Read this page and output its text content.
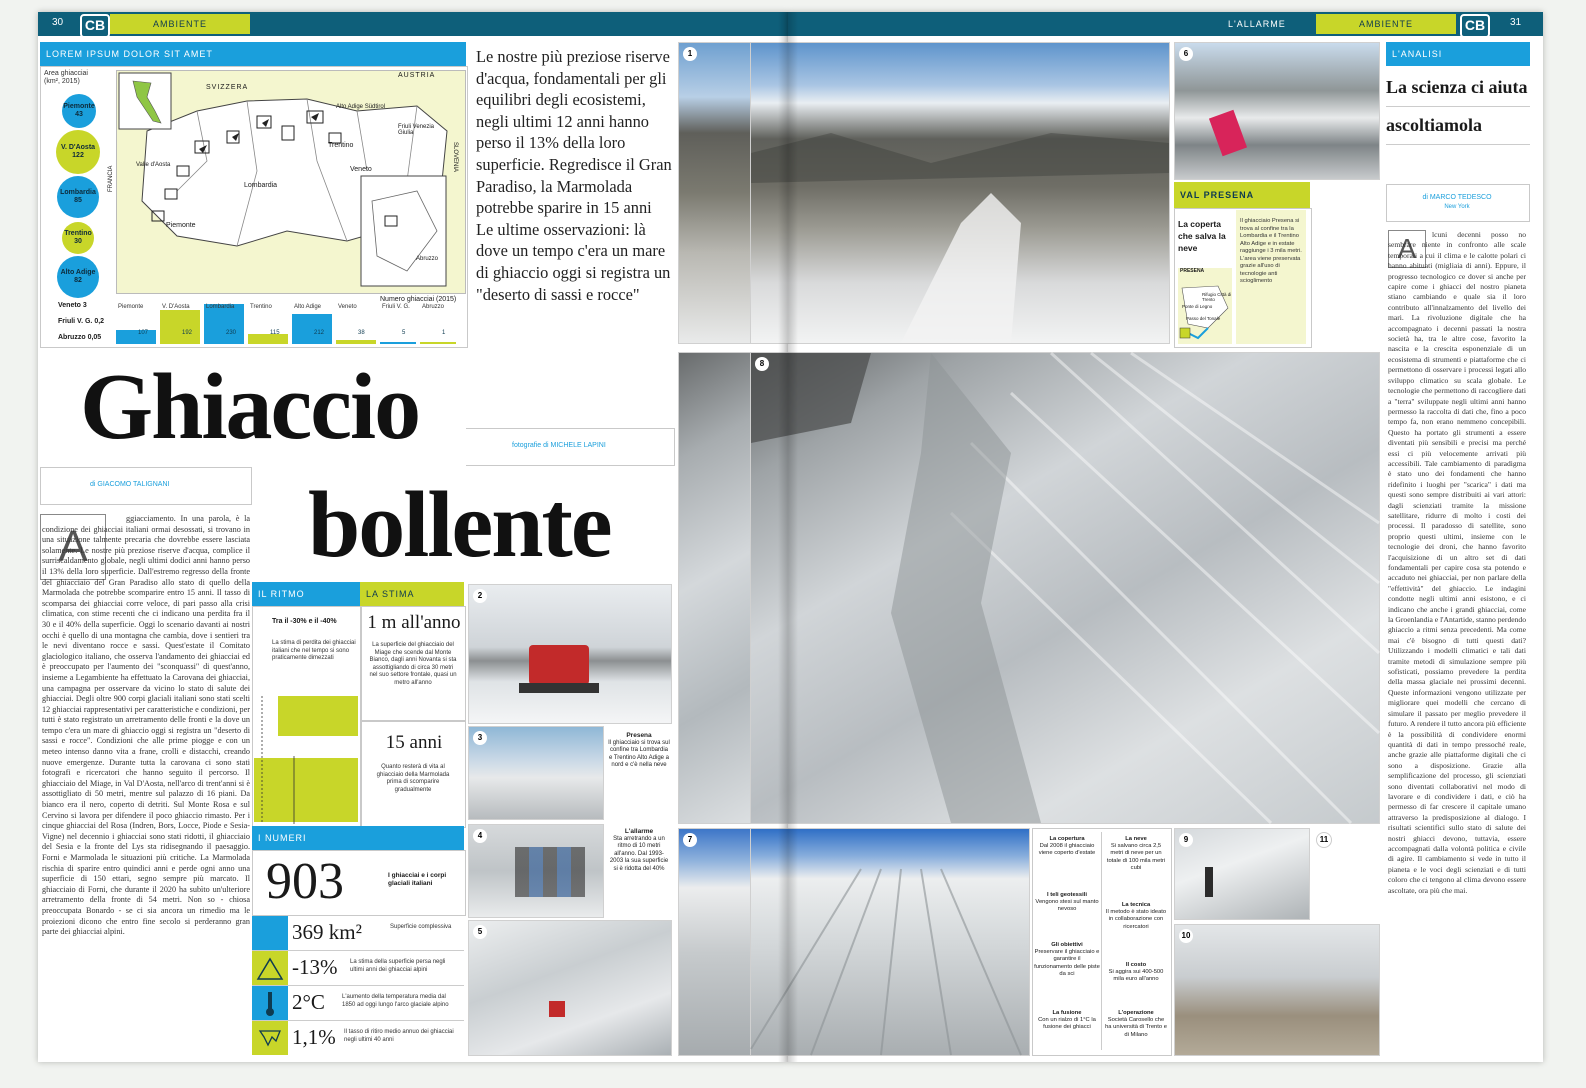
30	CB	AMBIENTE
LOREM IPSUM DOLOR SIT AMET
Area ghiacciai (km², 2015)
Piemonte
43
V. D'Aosta
122
Lombardia
85
Trentino
30
Alto Adige
82
Veneto 3
Friuli V. G. 0,2
Abruzzo 0,05
SVIZZERA
AUSTRIA
Valle d'Aosta
Piemonte
Lombardia
Trentino
Alto Adige Südtirol
Veneto
Friuli Venezia Giulia
Abruzzo
FRANCIA
SLOVENIA
Numero ghiacciai (2015)
Piemonte	V. D'Aosta	Lombardia	Trentino	Alto Adige	Veneto	Friuli V. G. Abruzzo
107	192	230	115	212	38	5	1
Le nostre più preziose riserve d'acqua, fondamentali per gli equilibri degli ecosistemi, negli ultimi 12 anni hanno perso il 13% della loro superficie. Regredisce il Gran Paradiso, la Marmolada potrebbe sparire in 15 anni Le ultime osservazioni: là dove un tempo c'era un mare di ghiaccio oggi si registra un "deserto di sassi e rocce"
fotografie di MICHELE LAPINI
Ghiaccio
bollente
di GIACOMO TALIGNANI
A
ggiacciamento. In una parola, è la condizione dei ghiacciai italiani ormai desossati, si trovano in una situazione talmente precaria che dovrebbe essere lasciata solamente. Le nostre più preziose riserve d'acqua, complice il surriscaldamento globale, negli ultimi dodici anni hanno perso il 13% della loro superficie. Dall'estremo regresso della fronte del ghiacciaio del Gran Paradiso allo stato di quello della Marmolada che potrebbe scomparire entro 15 anni. Il tasso di scomparsa dei ghiacciai corre veloce, di pari passo alla crisi climatica, con stime recenti che ci indicano una perdita fra il 30 e il 40% della superficie. Oggi lo scenario davanti ai nostri occhi è quello di una montagna che cambia, dove i sentieri tra le nevi diventano rocce e sassi. Quest'estate il Comitato glaciologico italiano, che osserva l'andamento dei ghiacciai ed è preoccupato per l'aumento dei "sconquassi" di quest'anno, insieme a Legambiente ha effettuato la Carovana dei ghiacciai, una campagna per osservare da vicino lo stato di salute dei ghiacciai. Degli oltre 900 corpi glaciali italiani sono stati scelti 12 ghiacciai rappresentativi per caratteristiche e condizioni, per tutti è stato registrato un arretramento delle fronti e la dove un tempo c'era un mare di ghiaccio oggi si registra un "deserto di sassi e rocce". Condizioni che alle prime piogge e con un meteo intenso danno vita a frane, crolli e distacchi, creando nuove emergenze. Durante tutta la carovana ci sono stati fotografi e ricercatori che hanno seguito il percorso. Il ghiacciaio del Miage, in Val D'Aosta, nell'arco di trent'anni si è assottigliato di 50 metri, mentre sul palazzo di 16 piani. Da bianco era il nero, coperto di detriti. Sul Monte Rosa e sul Cervino si lavora per difendere il poco ghiaccio rimasto. Per i cinque ghiacciai del Rosa (Indren, Bors, Locce, Piode e Sesia-Vigne) nel decennio i ghiacciai sono stati ridotti, il ghiacciaio del Sesia e la fronte del Lys sta ridisegnando il paesaggio. Forni e Marmolada le situazioni più critiche. La Marmolada rischia di sparire entro quindici anni e perde ogni anno una superficie di 150 ettari, segno sempre più marcato. Il ghiacciaio di Forni, che durante il 2020 ha subìto un'ulteriore arretramento della fronte di 54 metri. Non so - chiosa preoccupata Bonardo - se ci sia ancora un rimedio ma le proiezioni dicono che entro fine secolo si perderanno gran parte dei ghiacciai alpini.
IL RITMO
Tra il -30% e il -40%
La stima di perdita dei ghiacciai italiani che nel tempo si sono praticamente dimezzati
LA STIMA
1 m all'anno
La superficie del ghiacciaio del Miage che scende dal Monte Bianco, dagli anni Novanta si sta assottigliando di circa 30 metri nel suo settore frontale, quasi un metro all'anno
15 anni
Quanto resterà di vita al ghiacciaio della Marmolada prima di scomparire gradualmente
I NUMERI
903	I ghiacciai e i corpi glaciali italiani
369 km²	Superficie complessiva
-13% La stima della superficie persa negli ultimi anni dei ghiacciai alpini
2°C	L'aumento della temperatura media dal 1850 ad oggi lungo l'arco glaciale alpino
1,1% Il tasso di ritiro medio annuo dei ghiacciai negli ultimi 40 anni
2
3
4
5
Presena
Il ghiacciaio si trova sul confine tra Lombardia e Trentino Alto Adige a nord e c'è nella neve
L'allarme
Sta arretrando a un ritmo di 10 metri all'anno. Dal 1993-2003 la sua superficie si è ridotta del 40%
1
7
L'ALLARME	AMBIENTE	CB	31
6
VAL PRESENA
La coperta che salva la neve
Il ghiacciaio Presena si trova al confine tra la Lombardia e il Trentino Alto Adige e in estate raggiunge i 3 mila metri. L'area viene preservata grazie all'uso di tecnologie anti scioglimento
PRESENA
Rifugio Città di Trento
Passo del Tonale
Ponte di Legno
L'ANALISI
La scienza ci aiuta ascoltiamola
di MARCO TEDESCO
New York
A	lcuni decenni posso no sembrare niente in confronto alle scale temporali a cui il clima e le calotte polari ci hanno abituati (migliaia di anni). Eppure, il progresso tecnologico ce dover si anche per capire come i ghiacci del nostro pianeta stiano cambiando e quale sia il loro contributo all'innalzamento del livello dei mari. La rivoluzione digitale che ha accompagnato i decenni passati la nostra società ha, tra le altre cose, favorito la nascita e la crescita esponenziale di un ecosistema di strumenti e piattaforme che ci permettono di osservare i processi legati allo sviluppo climatico su scala globale. Le tecnologie che permettono di raccogliere dati a "terra" sviluppate negli ultimi anni hanno permesso la raccolta di dati che, fino a poco tempo fa, non erano nemmeno concepibili. Questo ha portato gli strumenti a essere diventati più sensibili e precisi ma perché essi ci più velocemente arrivati più accessibili. Tale cambiamento di paradigma è stato uno dei fondamenti che hanno ridefinito i luoghi per "scarica" i dati ma questi sono sempre distribuiti ai vari attori: dagli scienziati tramite la missione satellitare, ridurre di molto i costi dei processi. Il paradosso di satellite, sono proprio questi ultimi, insieme con le tecnologie dei droni, che hanno favorito l'acquisizione di un altro set di dati fondamentali per capire cosa sta potendo e accaduto nei ghiacciai, per non parlare della "effettività" del ghiaccio. Le indagini condotte negli ultimi anni esistono, e ci indicano che anche i grandi ghiacciai, come la Groenlandia e l'Antartide, stanno perdendo ghiaccio a ritmi senza precedenti. Ma come mai c'è bisogno di tutti questi dati? Utilizzando i modelli climatici e tali dati tramite metodi di simulazione sempre più sofisticati, possiamo prevedere la perdita della massa glaciale nei prossimi decenni. Queste informazioni vengono utilizzate per migliorare quei modelli che cercano di simulare il passato per meglio prevedere il futuro. A rendere il tutto ancora più efficiente è la possibilità di condividere enormi quantità di dati in tempo pressoché reale, anche grazie alle piattaforme digitali che ci sono a disposizione. Grazie alla semplificazione del processo, gli scienziati sono diventati collaborativi nel modo di lavorare e di condividere i dati, e ciò ha permesso di far crescere il capitale umano attraverso la predisposizione al dialogo. I risultati scientifici sullo stato di salute dei nostri ghiacci devono, tuttavia, essere accompagnati dalla volontà politica e civile di agire. Il cambiamento si vede in tutto il pianeta e le voci degli scienziati e di tutti coloro che ci tengono al clima devono essere ascoltate, ora più che mai.
8
La copertura
Dal 2008 il ghiacciaio viene coperto d'estate
La neve
Si salvano circa 2,5 metri di neve per un totale di 100 mila metri cubi
I teli geotessili
Vengono stesi sul manto nevoso
La tecnica
Il metodo è stato ideato in collaborazione con ricercatori
Gli obiettivi
Preservare il ghiacciaio e garantire il funzionamento delle piste da sci
Il costo
Si aggira sui 400-500 mila euro all'anno
La fusione
Con un rialzo di 1°C la fusione dei ghiacci
L'operazione
Società Carosello che ha università di Trento e di Milano
9
10
11
